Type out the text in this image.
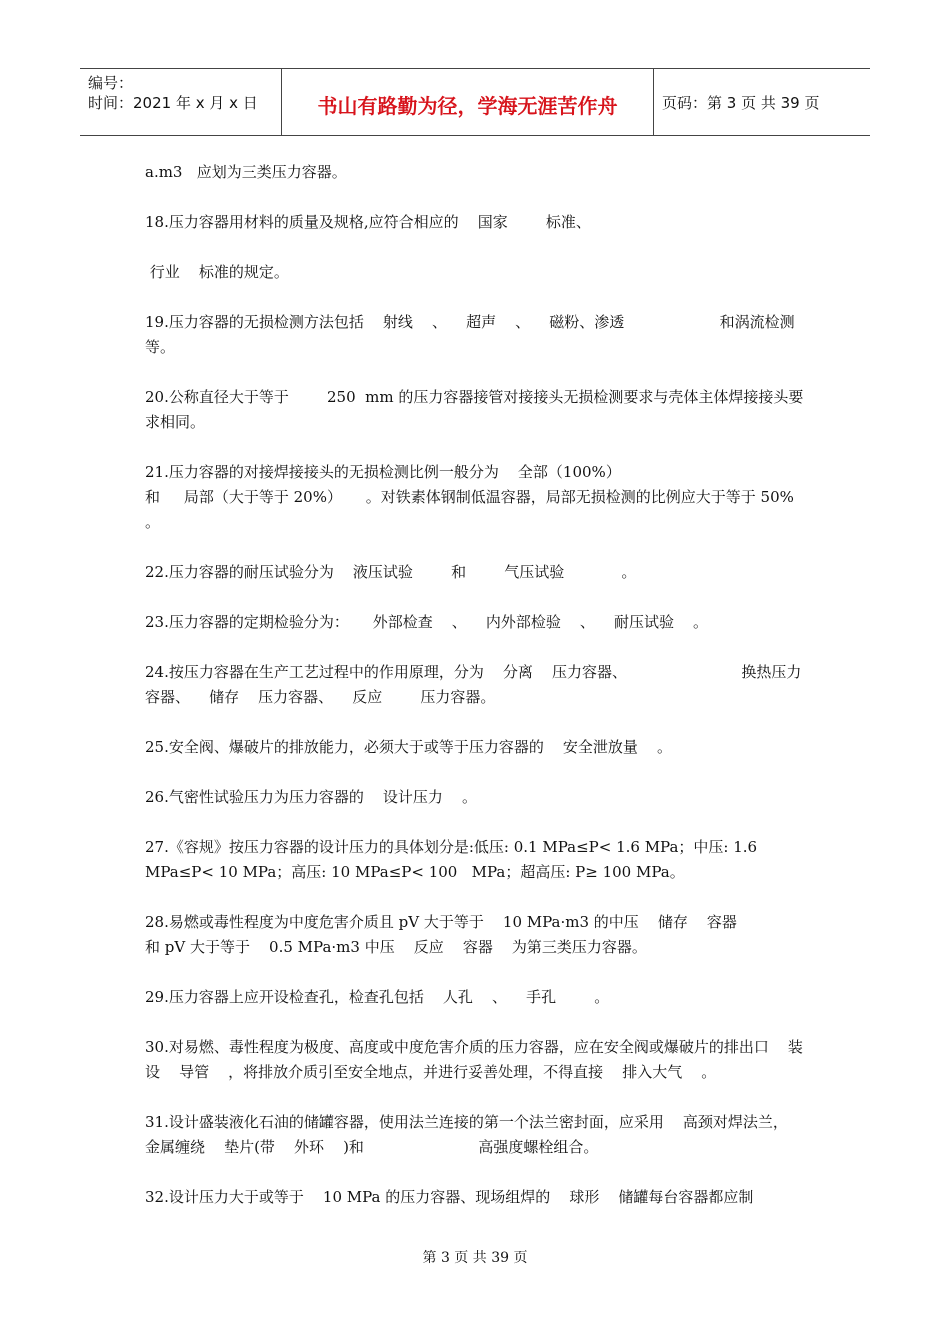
编号：
时间：2021 年 x 月 x 日	书山有路勤为径，学海无涯苦作舟	页码：第 3 页 共 39 页

a.m3   应划为三类压力容器。

18.压力容器用材料的质量及规格,应符合相应的    国家        标准、

行业    标准的规定。

19.压力容器的无损检测方法包括    射线    、    超声    、    磁粉、渗透                    和涡流检测等。

20.公称直径大于等于        250  mm 的压力容器接管对接接头无损检测要求与壳体主体焊接接头要求相同。

21.压力容器的对接焊接接头的无损检测比例一般分为    全部（100%）
和     局部（大于等于 20%）     。对铁素体钢制低温容器，局部无损检测的比例应大于等于 50% 。

22.压力容器的耐压试验分为    液压试验        和        气压试验            。

23.压力容器的定期检验分为：     外部检查    、    内外部检验    、    耐压试验    。

24.按压力容器在生产工艺过程中的作用原理，分为    分离    压力容器、                        换热压力容器、    储存    压力容器、    反应        压力容器。

25.安全阀、爆破片的排放能力，必须大于或等于压力容器的    安全泄放量    。

26.气密性试验压力为压力容器的    设计压力    。

27.《容规》按压力容器的设计压力的具体划分是:低压: 0.1 MPa≤P< 1.6 MPa；中压: 1.6 MPa≤P< 10 MPa；高压: 10 MPa≤P< 100   MPa；超高压: P≥ 100 MPa。

28.易燃或毒性程度为中度危害介质且 pV 大于等于    10 MPa·m3 的中压    储存    容器
和 pV 大于等于    0.5 MPa·m3 中压    反应    容器    为第三类压力容器。

29.压力容器上应开设检查孔，检查孔包括    人孔    、    手孔        。

30.对易燃、毒性程度为极度、高度或中度危害介质的压力容器，应在安全阀或爆破片的排出口    装设    导管    ，将排放介质引至安全地点，并进行妥善处理，不得直接    排入大气    。

31.设计盛装液化石油的储罐容器，使用法兰连接的第一个法兰密封面，应采用    高颈对焊法兰，     金属缠绕    垫片(带    外环    )和                        高强度螺栓组合。

32.设计压力大于或等于    10 MPa 的压力容器、现场组焊的    球形    储罐每台容器都应制

第 3 页 共 39 页
